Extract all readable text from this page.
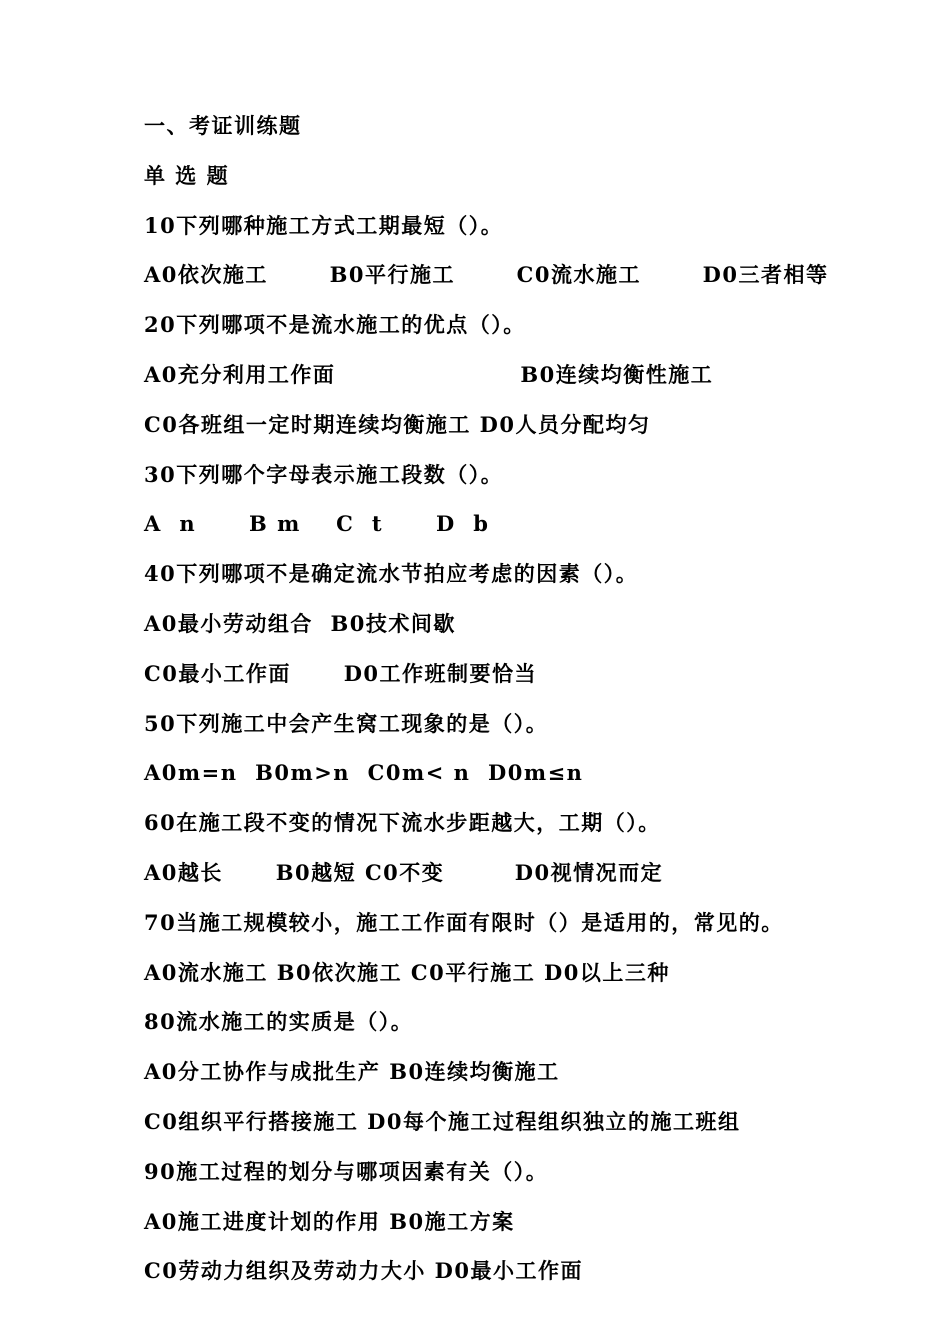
一、考证训练题
单 选 题
10下列哪种施工方式工期最短（）。
A0依次施工       B0平行施工       C0流水施工       D0三者相等
20下列哪项不是流水施工的优点（）。
A0充分利用工作面                     B0连续均衡性施工
C0各班组一定时期连续均衡施工 D0人员分配均匀
30下列哪个字母表示施工段数（）。
A  n      B m    C  t      D  b
40下列哪项不是确定流水节拍应考虑的因素（）。
A0最小劳动组合  B0技术间歇
C0最小工作面      D0工作班制要恰当
50下列施工中会产生窝工现象的是（）。
A0m=n  B0m>n  C0m< n  D0m≤n
60在施工段不变的情况下流水步距越大，工期（）。
A0越长      B0越短 C0不变        D0视情况而定
70当施工规模较小，施工工作面有限时（）是适用的，常见的。
A0流水施工 B0依次施工 C0平行施工 D0以上三种
80流水施工的实质是（）。
A0分工协作与成批生产 B0连续均衡施工
C0组织平行搭接施工 D0每个施工过程组织独立的施工班组
90施工过程的划分与哪项因素有关（）。
A0施工进度计划的作用 B0施工方案
C0劳动力组织及劳动力大小 D0最小工作面
